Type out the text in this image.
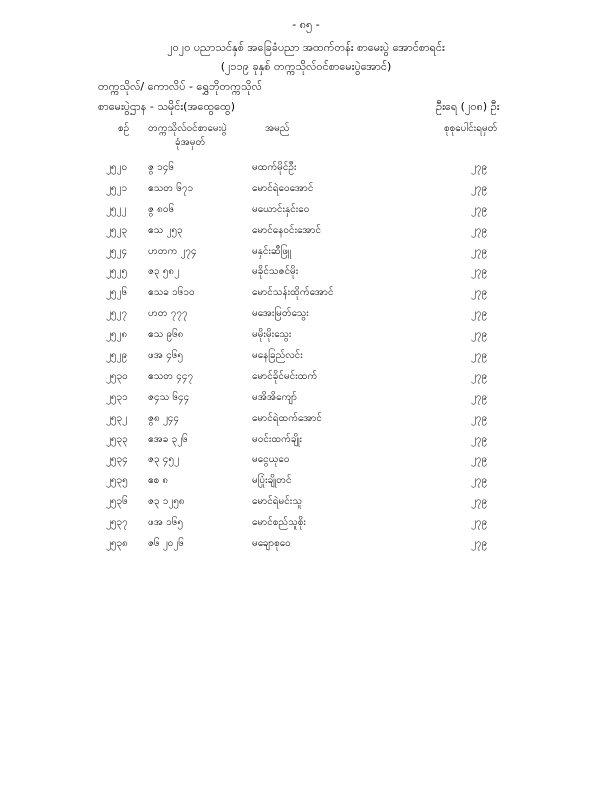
- ၈၅ -
၂၀၂၀ ပညာသင်နှစ် အခြေခံပညာ အထက်တန်း စာမေးပွဲ အောင်စာရင်း
(၂၁၁၉ ခုနှစ် တက္ကသိုလ်ဝင်စာမေးပွဲအောင်)
တက္ကသိုလ်/ ကောလိပ် - ရွှေဘိုတက္ကသိုလ်
စာမေးပွဲဌာန - သမိုင်း(အထွေထွေ)	ဦးရေ (၂၀၈) ဦး
စဉ် တက္ကသိုလ်ဝင်စာမေးပွဲ
ခုံအမှတ်
အမည်	စုစုပေါင်းရမှတ်
၂၅၂၀ ဇွ ၁၄၆	မထက်မိုင်ဦး	၂၇၉
၂၅၂၁ ဧသတ ၆၇၁	မောင်ရဲဝေအောင်	၂၇၉
၂၅၂၂ ဇွ ၈၀၆	မယောင်းနှင်းဝေ	၂၇၉
၂၅၂၃ ဧသ ၂၅၃	မောင်နေဝင်းအောင်	၂၇၉
၂၅၂၄ ဟတက ၂၇၄	မနှင်းဆီဖြူ	၂၇၉
၂၅၂၅ ဇ၃ ၅၈၂	မခိုင်သဇင်မိုး	၂၇၉
၂၅၂၆ ဧသခ ၁၆၁၀	မောင်သန်းထိုက်အောင်	၂၇၉
၂၅၂၇ ဟတ ၇၇၇	မအေးမြတ်သွေး	၂၇၉
၂၅၂၈ ဧသ ၉၆၈	မမိုးမိုးသွေး	၂၇၉
၂၅၂၉ ဖအ ၄၆၅	မနေခြည်လင်း	၂၇၉
၂၅၃၀ ဧသတ ၄၄၇	မောင်ခိုင်မင်းထက်	၂၇၉
၂၅၃၁ ဇ၄သ ၆၄၄	မအိအိကျော်	၂၇၉
၂၅၃၂ ဇွ၈ ၂၄၄	မောင်ရဲထက်အောင်	၂၇၉
၂၅၃၃ ဧအခ ၃၂၆	မဝင်းထက်ချိုး	၂၇၉
၂၅၃၄ ဇ၃ ၄၅၂	မငွေယုဝေ	၂၇၉
၂၅၃၅ ဧစ ၈	မပြုံးချိုတင်	၂၇၉
၂၅၃၆ ဇ၃ ၁၂၅၈	မောင်ရဲမင်းသူ	၂၇၉
၂၅၃၇ ဖအ ၁၆၅	မောင်စည်သူစိုး	၂၇၉
၂၅၃၈ ဇ၆ ၂၀၂၆	မချောစုဝေ	၂၇၉
